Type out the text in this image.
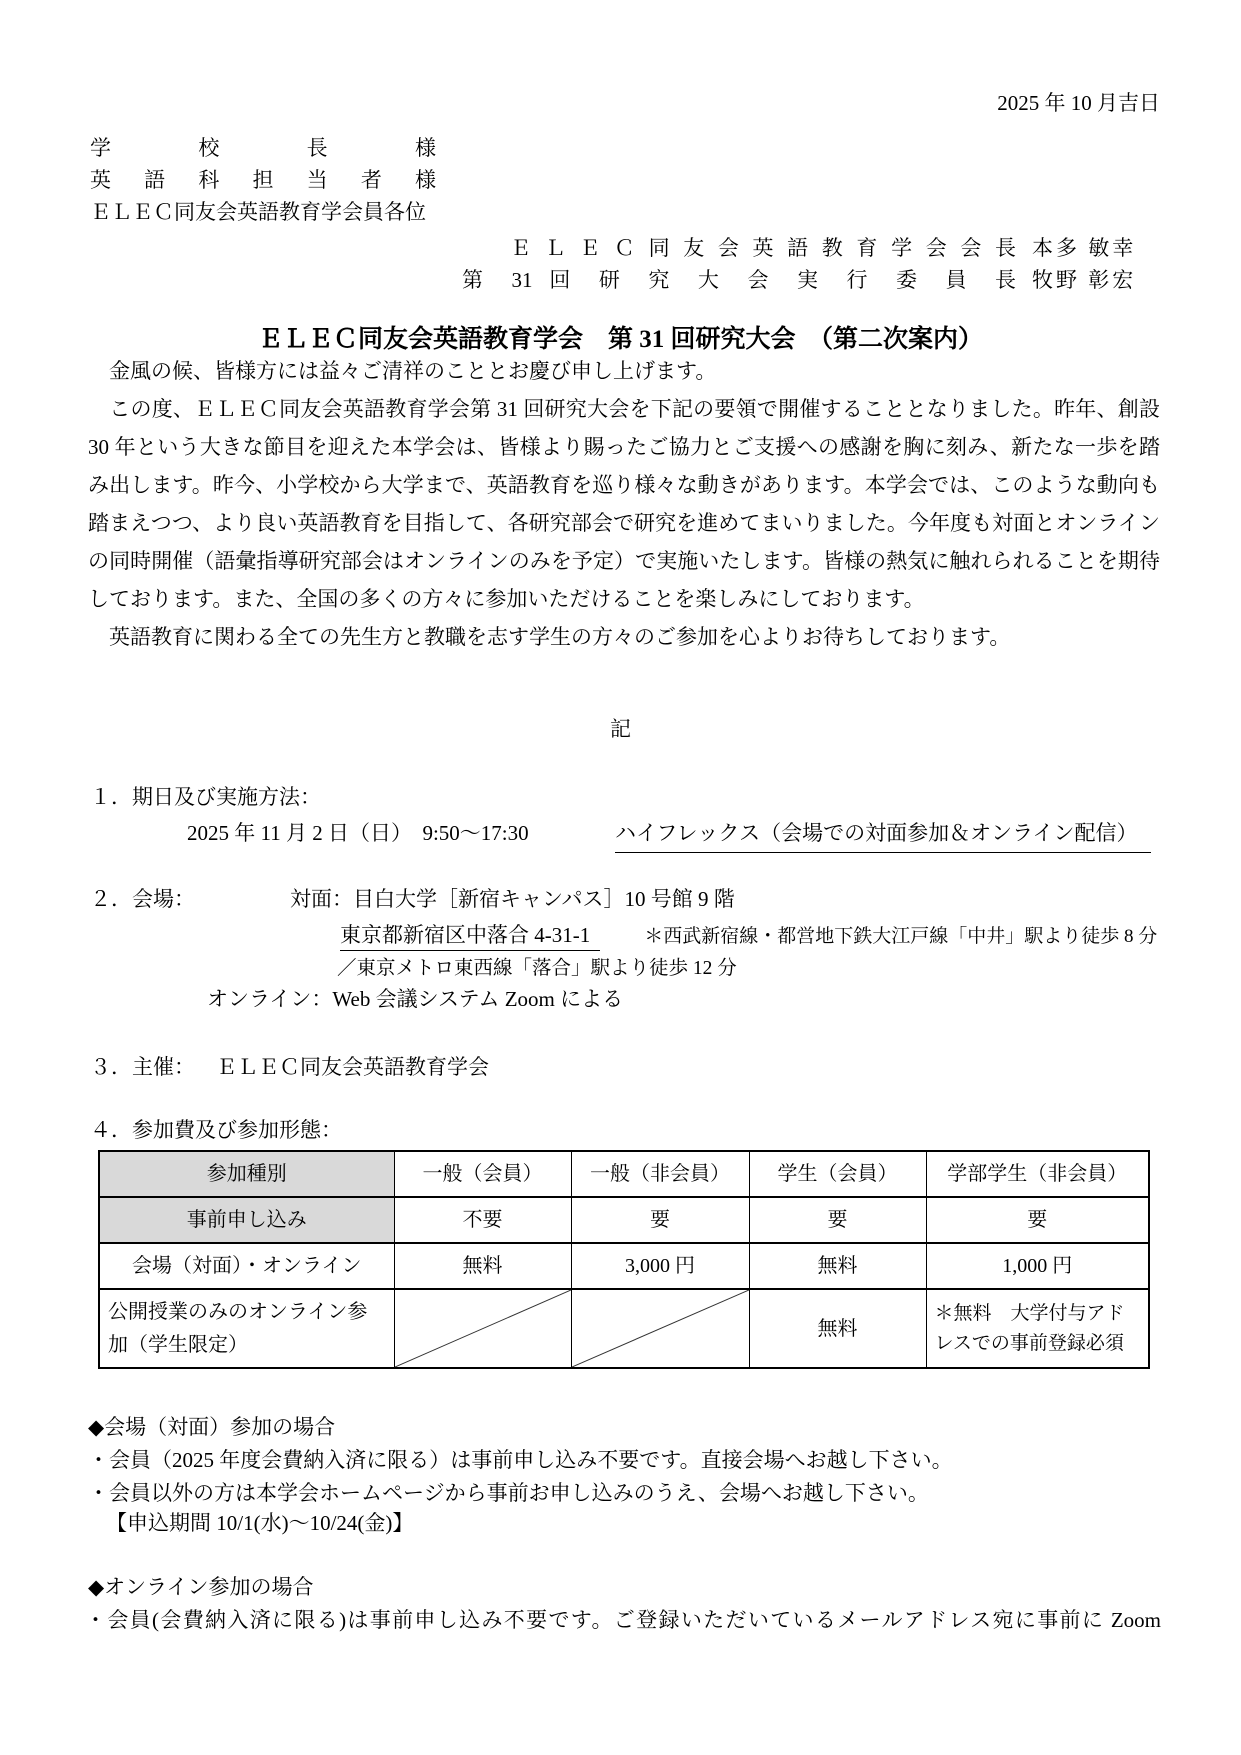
2025 年 10 月吉日
学 校 長 様
英 語 科 担 当 者 様
ＥＬＥＣ同友会英語教育学会員各位
ＥＬＥＣ同友会英語教育学会会長 本多 敏幸
第 31 回 研 究 大 会 実 行 委 員 長 牧野 彰宏
ＥＬＥＣ同友会英語教育学会　第 31 回研究大会　（第二次案内）

　金風の候、皆様方には益々ご清祥のこととお慶び申し上げます。

　この度、ＥＬＥＣ同友会英語教育学会第 31 回研究大会を下記の要領で開催することとなりました。昨年、創設 30 年という大きな節目を迎えた本学会は、皆様より賜ったご協力とご支援への感謝を胸に刻み、新たな一歩を踏み出します。昨今、小学校から大学まで、英語教育を巡り様々な動きがあります。本学会では、このような動向も踏まえつつ、より良い英語教育を目指して、各研究部会で研究を進めてまいりました。今年度も対面とオンラインの同時開催（語彙指導研究部会はオンラインのみを予定）で実施いたします。皆様の熱気に触れられることを期待しております。また、全国の多くの方々に参加いただけることを楽しみにしております。

　英語教育に関わる全ての先生方と教職を志す学生の方々のご参加を心よりお待ちしております。

記
１．期日及び実施方法：
2025 年 11 月 2 日（日）　9:50～17:30	ハイフレックス（会場での対面参加＆オンライン配信）
２．会場：	対面：目白大学［新宿キャンパス］10 号館 9 階
東京都新宿区中落合 4-31-1	＊西武新宿線・都営地下鉄大江戸線「中井」駅より徒歩 8 分
／東京メトロ東西線「落合」駅より徒歩 12 分
オンライン：Web 会議システム Zoom による
３．主催： ＥＬＥＣ同友会英語教育学会
４．参加費及び参加形態：
参加種別	一般（会員）	一般（非会員）	学生（会員）	学部学生（非会員）
事前申し込み	不要	要	要	要
会場（対面）・オンライン	無料	3,000 円	無料	1,000 円
公開授業のみのオンライン参加（学生限定）			無料	＊無料　大学付与アドレスでの事前登録必須
◆会場（対面）参加の場合
・会員（2025 年度会費納入済に限る）は事前申し込み不要です。直接会場へお越し下さい。
・会員以外の方は本学会ホームページから事前お申し込みのうえ、会場へお越し下さい。
【申込期間 10/1(水)～10/24(金)】
◆オンライン参加の場合
・会員(会費納入済に限る)は事前申し込み不要です。ご登録いただいているメールアドレス宛に事前に Zoom
